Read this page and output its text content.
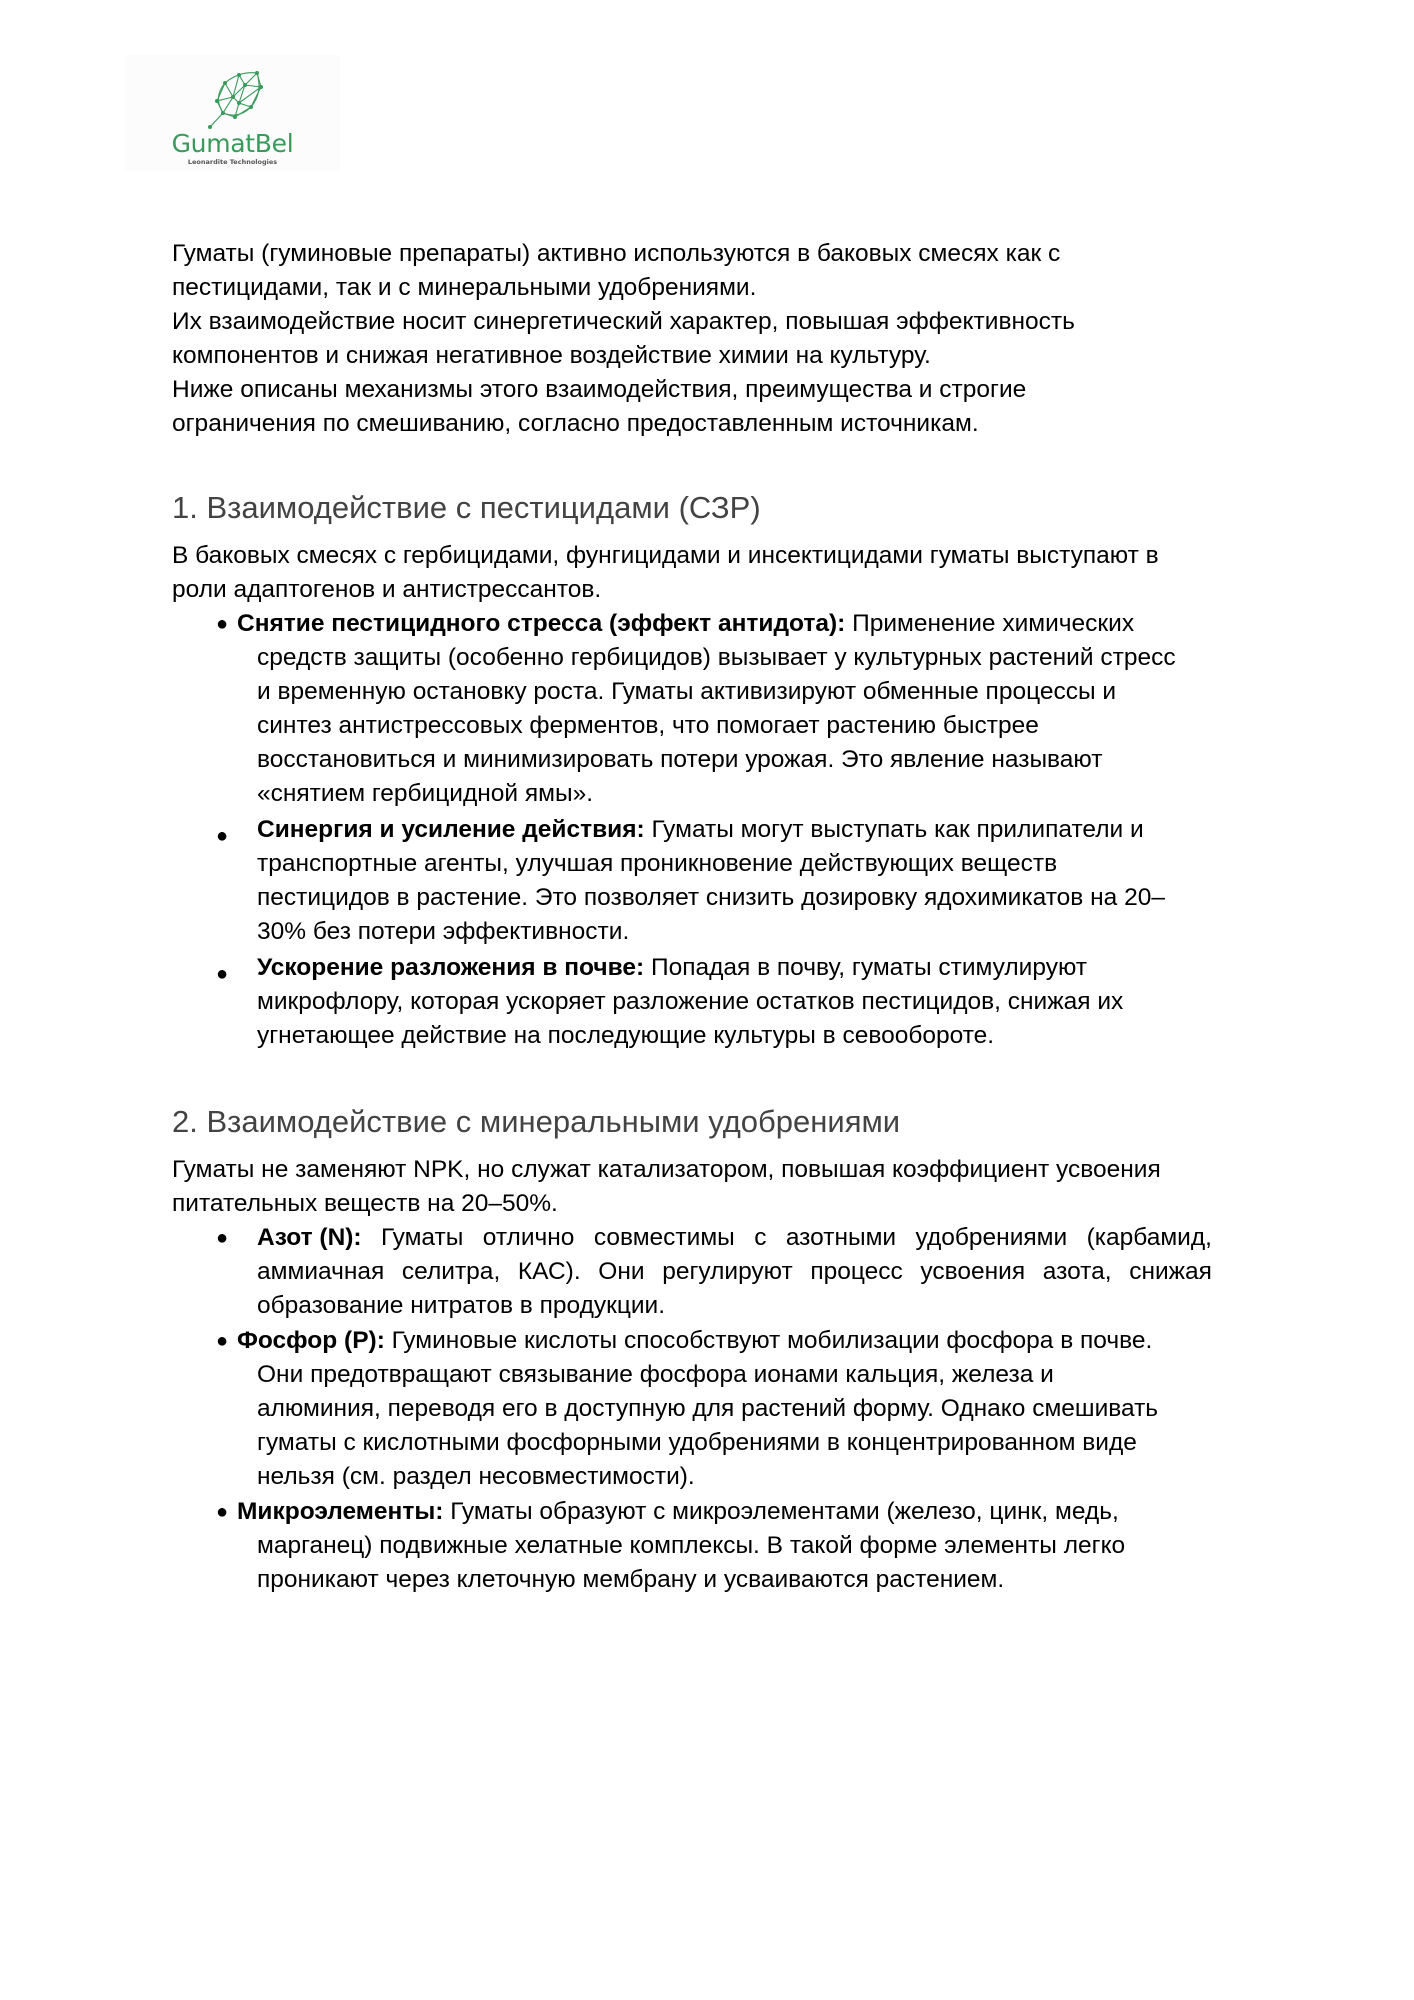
GumatBel
Leonardite Technologies
Гуматы (гуминовые препараты) активно используются в баковых смесях как с
пестицидами, так и с минеральными удобрениями.
Их взаимодействие носит синергетический характер, повышая эффективность
компонентов и снижая негативное воздействие химии на культуру.
Ниже описаны механизмы этого взаимодействия, преимущества и строгие
ограничения по смешиванию, согласно предоставленным источникам.
1. Взаимодействие с пестицидами (СЗР)
В баковых смесях с гербицидами, фунгицидами и инсектицидами гуматы выступают в
роли адаптогенов и антистрессантов.
● Снятие пестицидного стресса (эффект антидота): Применение химических
средств защиты (особенно гербицидов) вызывает у культурных растений стресс
и временную остановку роста. Гуматы активизируют обменные процессы и
синтез антистрессовых ферментов, что помогает растению быстрее
восстановиться и минимизировать потери урожая. Это явление называют
«снятием гербицидной ямы».
● Синергия и усиление действия: Гуматы могут выступать как прилипатели и
транспортные агенты, улучшая проникновение действующих веществ
пестицидов в растение. Это позволяет снизить дозировку ядохимикатов на 20–
30% без потери эффективности.
● Ускорение разложения в почве: Попадая в почву, гуматы стимулируют
микрофлору, которая ускоряет разложение остатков пестицидов, снижая их
угнетающее действие на последующие культуры в севообороте.
2. Взаимодействие с минеральными удобрениями
Гуматы не заменяют NPK, но служат катализатором, повышая коэффициент усвоения
питательных веществ на 20–50%.
● Азот (N): Гуматы отлично совместимы с азотными удобрениями (карбамид,
аммиачная селитра, КАС). Они регулируют процесс усвоения азота, снижая
образование нитратов в продукции.
● Фосфор (P): Гуминовые кислоты способствуют мобилизации фосфора в почве.
Они предотвращают связывание фосфора ионами кальция, железа и
алюминия, переводя его в доступную для растений форму. Однако смешивать
гуматы с кислотными фосфорными удобрениями в концентрированном виде
нельзя (см. раздел несовместимости).
● Микроэлементы: Гуматы образуют с микроэлементами (железо, цинк, медь,
марганец) подвижные хелатные комплексы. В такой форме элементы легко
проникают через клеточную мембрану и усваиваются растением.
